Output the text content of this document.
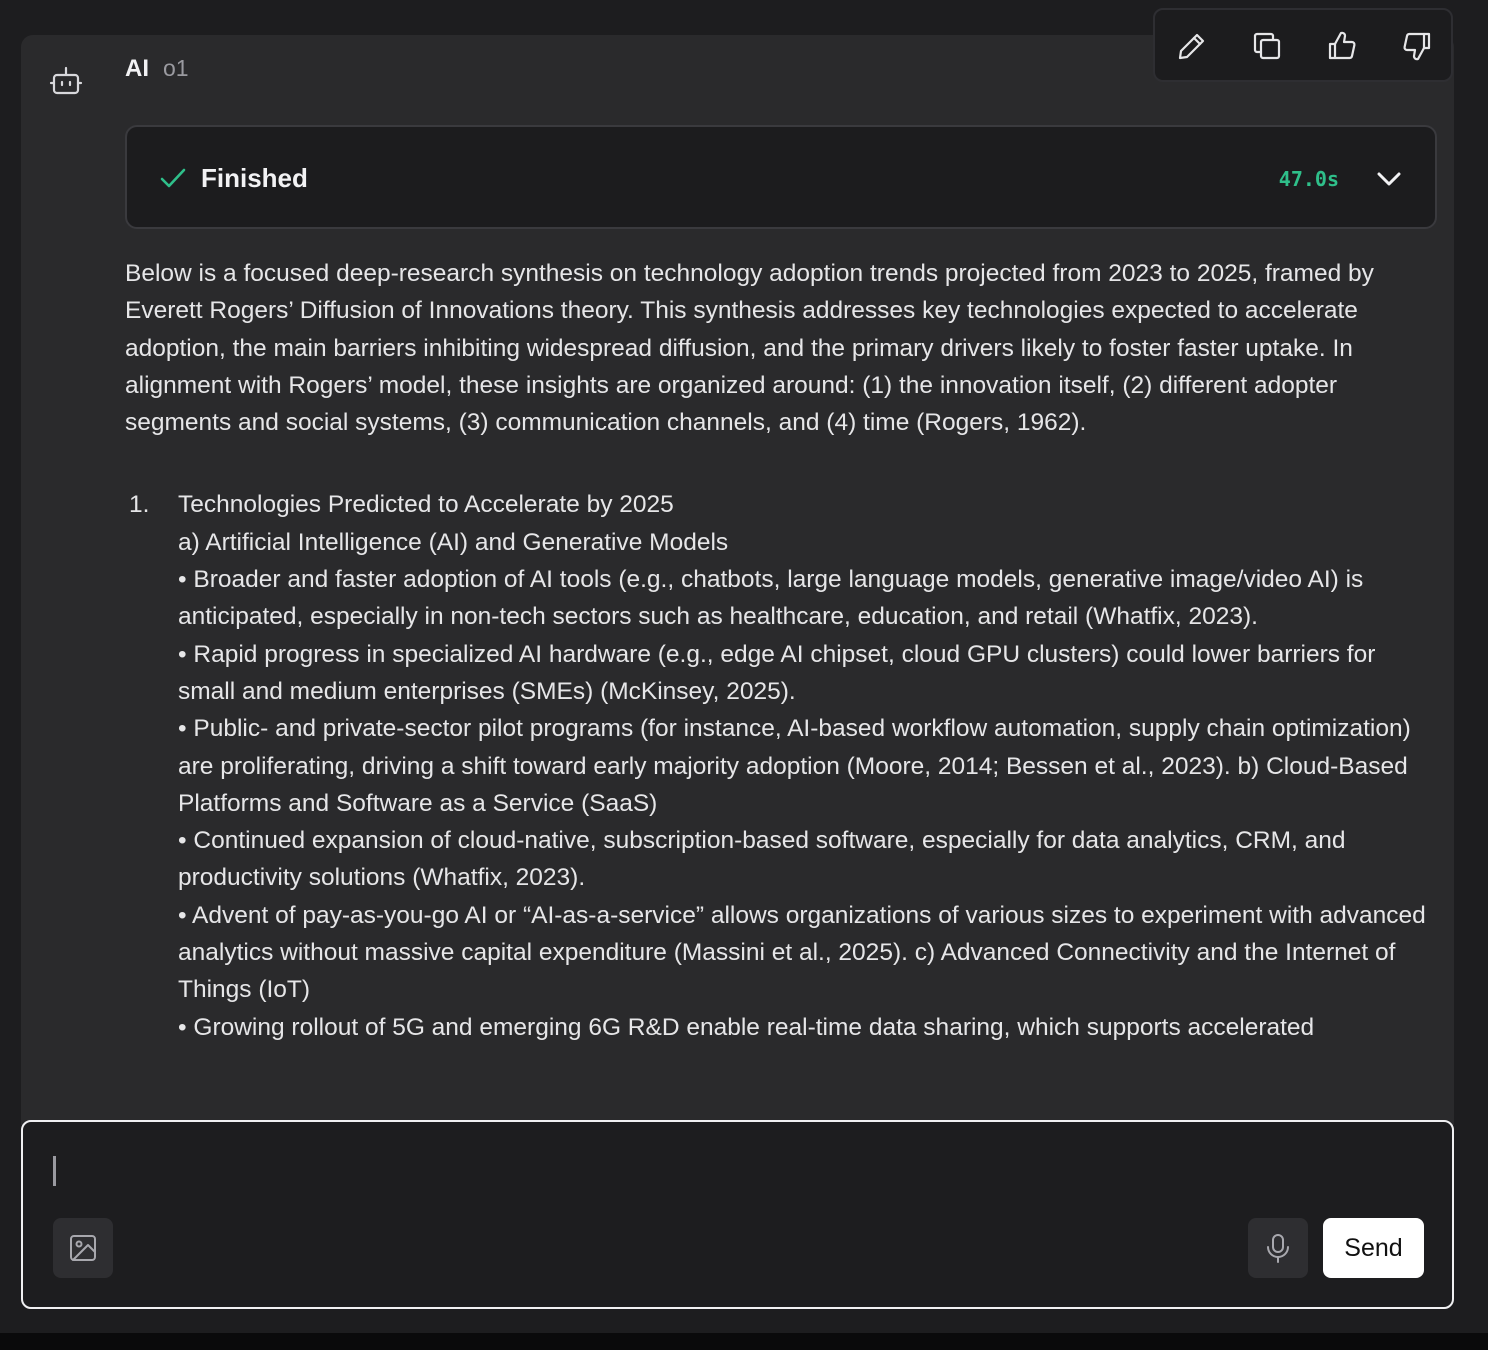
AI o1
Finished	47.0s

Below is a focused deep-research synthesis on technology adoption trends projected from 2023 to 2025, framed by Everett Rogers’ Diffusion of Innovations theory. This synthesis addresses key technologies expected to accelerate adoption, the main barriers inhibiting widespread diffusion, and the primary drivers likely to foster faster uptake. In alignment with Rogers’ model, these insights are organized around: (1) the innovation itself, (2) different adopter segments and social systems, (3) communication channels, and (4) time (Rogers, 1962).

1.	Technologies Predicted to Accelerate by 2025

a) Artificial Intelligence (AI) and Generative Models

• Broader and faster adoption of AI tools (e.g., chatbots, large language models, generative image/video AI) is anticipated, especially in non-tech sectors such as healthcare, education, and retail (Whatfix, 2023).

• Rapid progress in specialized AI hardware (e.g., edge AI chipset, cloud GPU clusters) could lower barriers for small and medium enterprises (SMEs) (McKinsey, 2025).

• Public- and private-sector pilot programs (for instance, AI-based workflow automation, supply chain optimization) are proliferating, driving a shift toward early majority adoption (Moore, 2014; Bessen et al., 2023). b) Cloud-Based Platforms and Software as a Service (SaaS)

• Continued expansion of cloud-native, subscription-based software, especially for data analytics, CRM, and productivity solutions (Whatfix, 2023).

• Advent of pay-as-you-go AI or “AI-as-a-service” allows organizations of various sizes to experiment with advanced analytics without massive capital expenditure (Massini et al., 2025). c) Advanced Connectivity and the Internet of Things (IoT)

• Growing rollout of 5G and emerging 6G R&D enable real-time data sharing, which supports accelerated

Send
